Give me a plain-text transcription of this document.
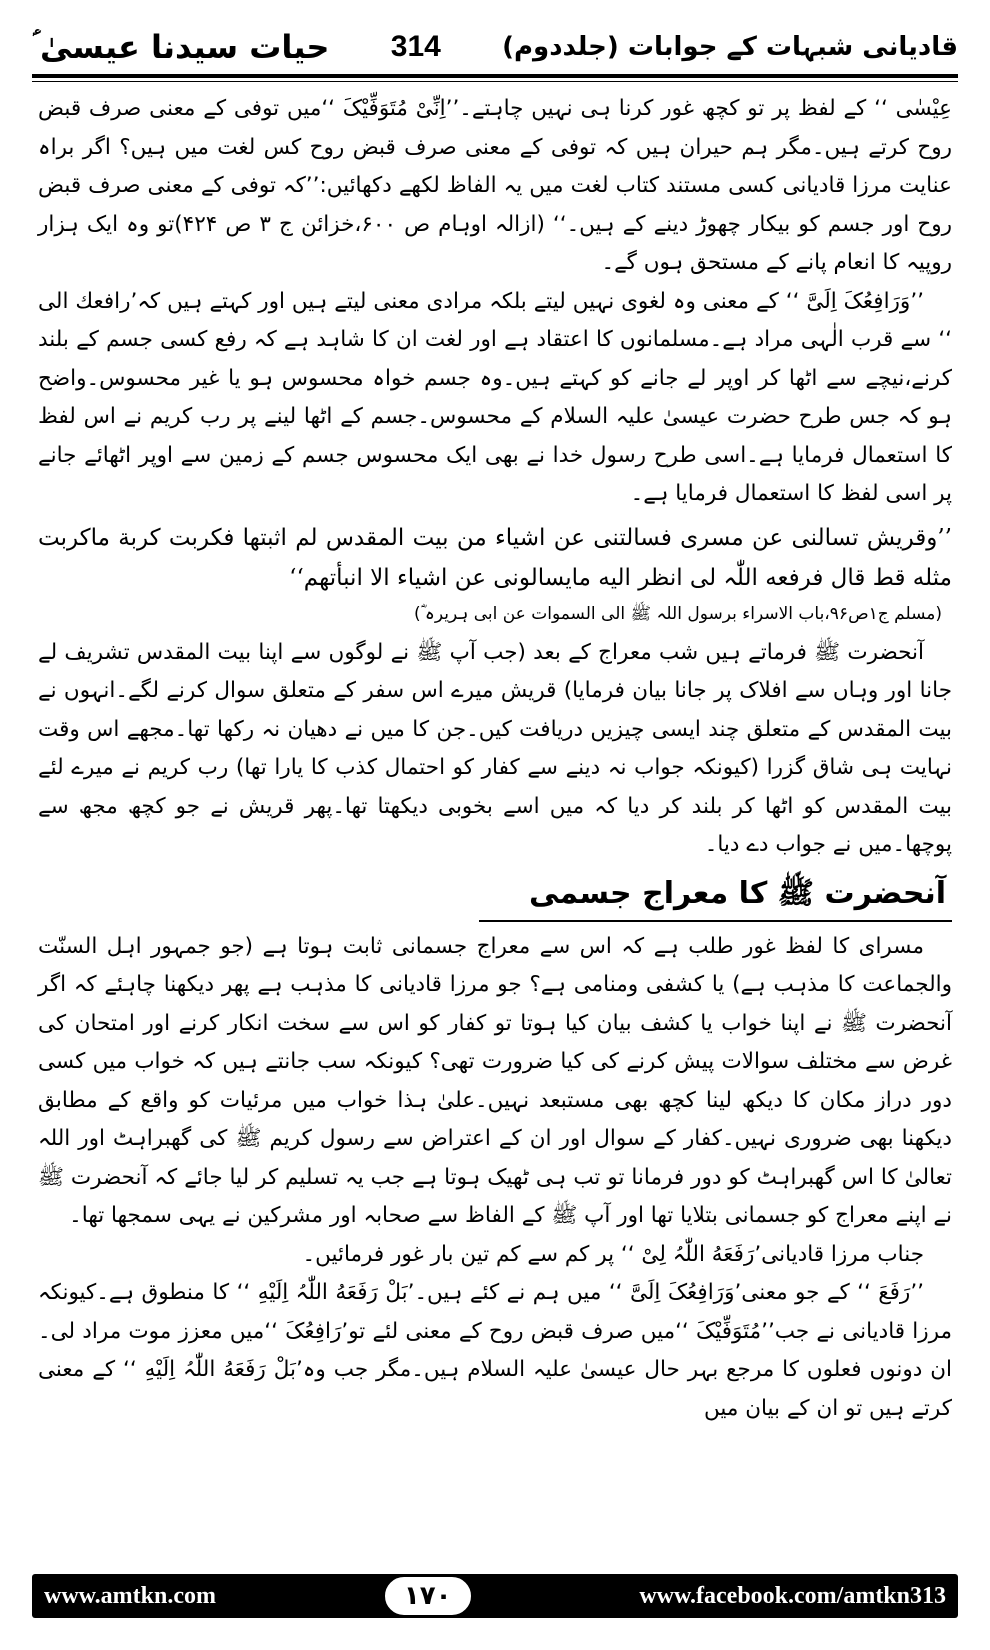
حیات سیدنا عیسیٰ ؑ 314 قادیانی شبہات کے جوابات (جلددوم)

عِیْسٰی ‘‘ کے لفظ پر تو کچھ غور کرنا ہی نہیں چاہتے۔’’اِنِّیْ مُتَوَفِّیْکَ ‘‘میں توفی کے معنی صرف قبض روح کرتے ہیں۔مگر ہم حیران ہیں کہ توفی کے معنی صرف قبض روح کس لغت میں ہیں؟ اگر براہ عنایت مرزا قادیانی کسی مستند کتاب لغت میں یہ الفاظ لکھے دکھائیں:’’کہ توفی کے معنی صرف قبض روح اور جسم کو بیکار چھوڑ دینے کے ہیں۔‘‘ (ازالہ اوہام ص ۶۰۰،خزائن ج ۳ ص ۴۲۴)تو وہ ایک ہزار روپیہ کا انعام پانے کے مستحق ہوں گے۔

’’وَرَافِعُکَ اِلَیَّ ‘‘ کے معنی وہ لغوی نہیں لیتے بلکہ مرادی معنی لیتے ہیں اور کہتے ہیں کہ’رافعك الی ‘‘ سے قرب الٰہی مراد ہے۔مسلمانوں کا اعتقاد ہے اور لغت ان کا شاہد ہے کہ رفع کسی جسم کے بلند کرنے،نیچے سے اٹھا کر اوپر لے جانے کو کہتے ہیں۔وہ جسم خواہ محسوس ہو یا غیر محسوس۔واضح ہو کہ جس طرح حضرت عیسیٰ علیہ السلام کے محسوس۔جسم کے اٹھا لینے پر رب کریم نے اس لفظ کا استعمال فرمایا ہے۔اسی طرح رسول خدا نے بھی ایک محسوس جسم کے زمین سے اوپر اٹھائے جانے پر اسی لفظ کا استعمال فرمایا ہے۔

’’وقریش تسالنی عن مسری فسالتنی عن اشیاء من بیت المقدس لم اثبتها فکربت کربة ماکربت مثله قط قال فرفعه اللّٰہ لی انظر الیه مایسالونی عن اشیاء الا انبأتهم‘‘

(مسلم ج۱ص۹۶،باب الاسراء برسول اللہ ﷺ الی السموات عن ابی ہریرہ ؓ)

آنحضرت ﷺ فرماتے ہیں شب معراج کے بعد (جب آپ ﷺ نے لوگوں سے اپنا بیت المقدس تشریف لے جانا اور وہاں سے افلاک پر جانا بیان فرمایا) قریش میرے اس سفر کے متعلق سوال کرنے لگے۔انہوں نے بیت المقدس کے متعلق چند ایسی چیزیں دریافت کیں۔جن کا میں نے دھیان نہ رکھا تھا۔مجھے اس وقت نہایت ہی شاق گزرا (کیونکہ جواب نہ دینے سے کفار کو احتمال کذب کا یارا تھا) رب کریم نے میرے لئے بیت المقدس کو اٹھا کر بلند کر دیا کہ میں اسے بخوبی دیکھتا تھا۔پھر قریش نے جو کچھ مجھ سے پوچھا۔میں نے جواب دے دیا۔

آنحضرت ﷺ کا معراج جسمی

مسرای کا لفظ غور طلب ہے کہ اس سے معراج جسمانی ثابت ہوتا ہے (جو جمہور اہل السنّت والجماعت کا مذہب ہے) یا کشفی ومنامی ہے؟ جو مرزا قادیانی کا مذہب ہے پھر دیکھنا چاہئے کہ اگر آنحضرت ﷺ نے اپنا خواب یا کشف بیان کیا ہوتا تو کفار کو اس سے سخت انکار کرنے اور امتحان کی غرض سے مختلف سوالات پیش کرنے کی کیا ضرورت تھی؟ کیونکہ سب جانتے ہیں کہ خواب میں کسی دور دراز مکان کا دیکھ لینا کچھ بھی مستبعد نہیں۔علیٰ ہذا خواب میں مرئیات کو واقع کے مطابق دیکھنا بھی ضروری نہیں۔کفار کے سوال اور ان کے اعتراض سے رسول کریم ﷺ کی گھبراہٹ اور اللہ تعالیٰ کا اس گھبراہٹ کو دور فرمانا تو تب ہی ٹھیک ہوتا ہے جب یہ تسلیم کر لیا جائے کہ آنحضرت ﷺ نے اپنے معراج کو جسمانی بتلایا تھا اور آپ ﷺ کے الفاظ سے صحابہ اور مشرکین نے یہی سمجھا تھا۔

جناب مرزا قادیانی’رَفَعَهُ اللّٰہُ لِیْ ‘‘ پر کم سے کم تین بار غور فرمائیں۔

’’رَفَعَ ‘‘ کے جو معنی’وَرَافِعُکَ اِلَیَّ ‘‘ میں ہم نے کئے ہیں۔’بَلْ رَفَعَهُ اللّٰہُ اِلَیْهِ ‘‘ کا منطوق ہے۔کیونکہ مرزا قادیانی نے جب’’مُتَوَفِّیْکَ ‘‘میں صرف قبض روح کے معنی لئے تو’رَافِعُکَ ‘‘میں معزز موت مراد لی۔ان دونوں فعلوں کا مرجع بہر حال عیسیٰ علیہ السلام ہیں۔مگر جب وہ’بَلْ رَفَعَهُ اللّٰہُ اِلَیْهِ ‘‘ کے معنی کرتے ہیں تو ان کے بیان میں

www.amtkn.com	۱۷۰	www.facebook.com/amtkn313
